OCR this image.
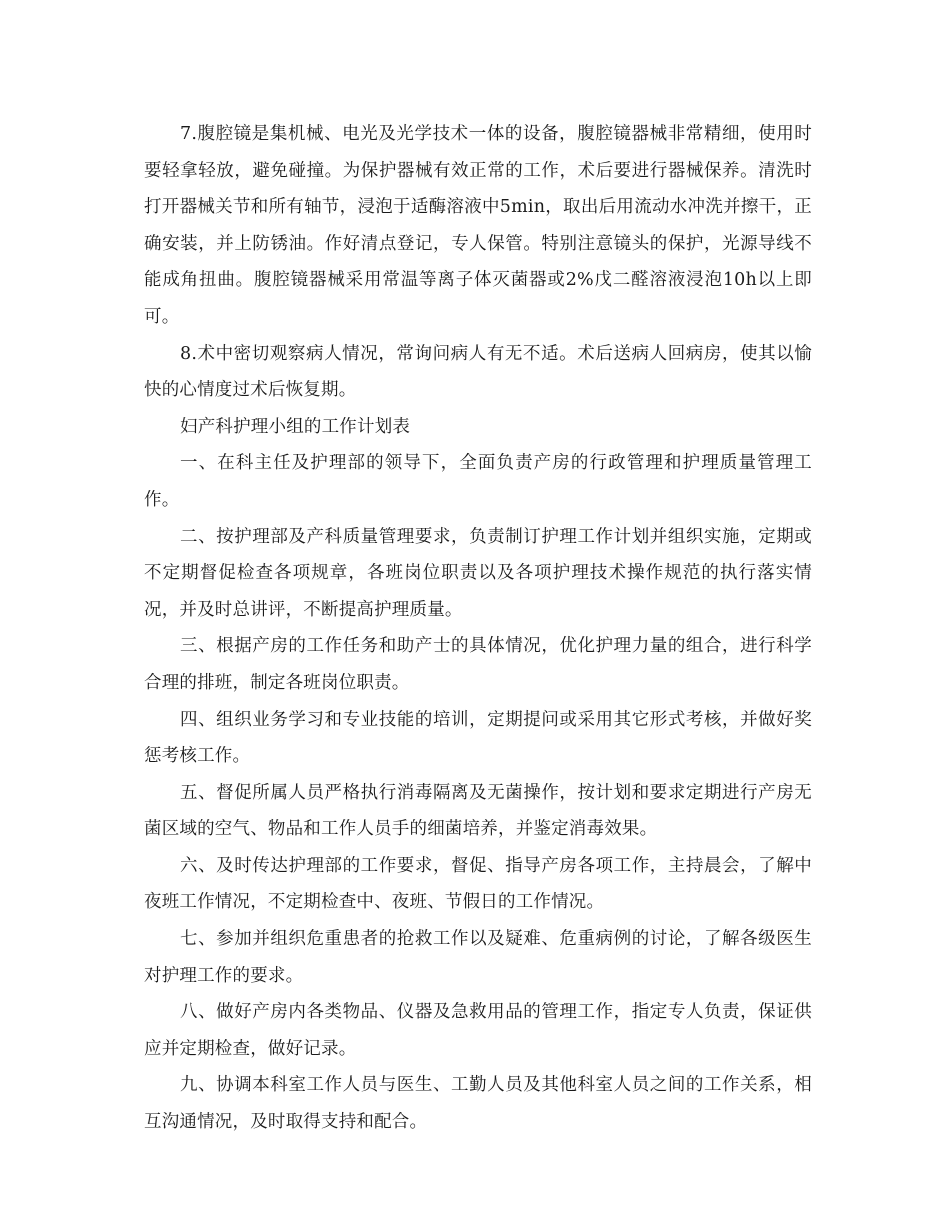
7.腹腔镜是集机械、电光及光学技术一体的设备，腹腔镜器械非常精细，使用时要轻拿轻放，避免碰撞。为保护器械有效正常的工作，术后要进行器械保养。清洗时打开器械关节和所有轴节，浸泡于适酶溶液中5min，取出后用流动水冲洗并擦干，正确安装，并上防锈油。作好清点登记，专人保管。特别注意镜头的保护，光源导线不能成角扭曲。腹腔镜器械采用常温等离子体灭菌器或2%戊二醛溶液浸泡10h以上即可。

8.术中密切观察病人情况，常询问病人有无不适。术后送病人回病房，使其以愉快的心情度过术后恢复期。

妇产科护理小组的工作计划表

一、在科主任及护理部的领导下，全面负责产房的行政管理和护理质量管理工作。

二、按护理部及产科质量管理要求，负责制订护理工作计划并组织实施，定期或不定期督促检查各项规章，各班岗位职责以及各项护理技术操作规范的执行落实情况，并及时总讲评，不断提高护理质量。

三、根据产房的工作任务和助产士的具体情况，优化护理力量的组合，进行科学合理的排班，制定各班岗位职责。

四、组织业务学习和专业技能的培训，定期提问或采用其它形式考核，并做好奖惩考核工作。

五、督促所属人员严格执行消毒隔离及无菌操作，按计划和要求定期进行产房无菌区域的空气、物品和工作人员手的细菌培养，并鉴定消毒效果。

六、及时传达护理部的工作要求，督促、指导产房各项工作，主持晨会，了解中夜班工作情况，不定期检查中、夜班、节假日的工作情况。

七、参加并组织危重患者的抢救工作以及疑难、危重病例的讨论，了解各级医生对护理工作的要求。

八、做好产房内各类物品、仪器及急救用品的管理工作，指定专人负责，保证供应并定期检查，做好记录。

九、协调本科室工作人员与医生、工勤人员及其他科室人员之间的工作关系，相互沟通情况，及时取得支持和配合。
